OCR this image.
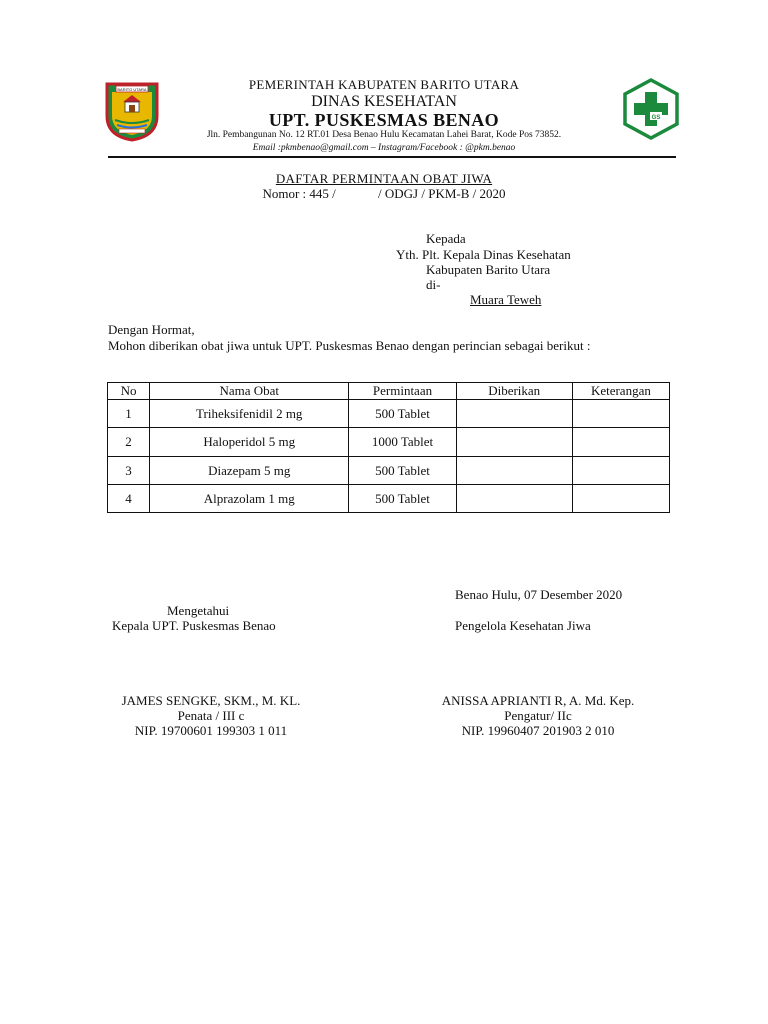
BARITO UTARA
GS
PEMERINTAH KABUPATEN BARITO UTARA
DINAS KESEHATAN
UPT. PUSKESMAS BENAO
Jln. Pembangunan No. 12 RT.01 Desa Benao Hulu Kecamatan Lahei Barat, Kode Pos 73852.
Email :pkmbenao@gmail.com – Instagram/Facebook : @pkm.benao
DAFTAR PERMINTAAN OBAT JIWA
Nomor : 445 /             / ODGJ / PKM-B / 2020
Kepada
Yth. Plt. Kepala Dinas Kesehatan
Kabupaten Barito Utara
di-
Muara Teweh
Dengan Hormat,
Mohon diberikan obat jiwa untuk UPT. Puskesmas Benao dengan perincian sebagai berikut :
No	Nama Obat	Permintaan	Diberikan	Keterangan
1	Triheksifenidil 2 mg	500 Tablet		
2	Haloperidol 5 mg	1000 Tablet		
3	Diazepam 5 mg	500 Tablet		
4	Alprazolam 1 mg	500 Tablet		
Benao Hulu, 07 Desember 2020
Mengetahui
Kepala UPT. Puskesmas Benao	Pengelola Kesehatan Jiwa
JAMES SENGKE, SKM., M. KL.
Penata / III c
NIP. 19700601 199303 1 011
ANISSA APRIANTI R, A. Md. Kep.
Pengatur/ IIc
NIP. 19960407 201903 2 010
